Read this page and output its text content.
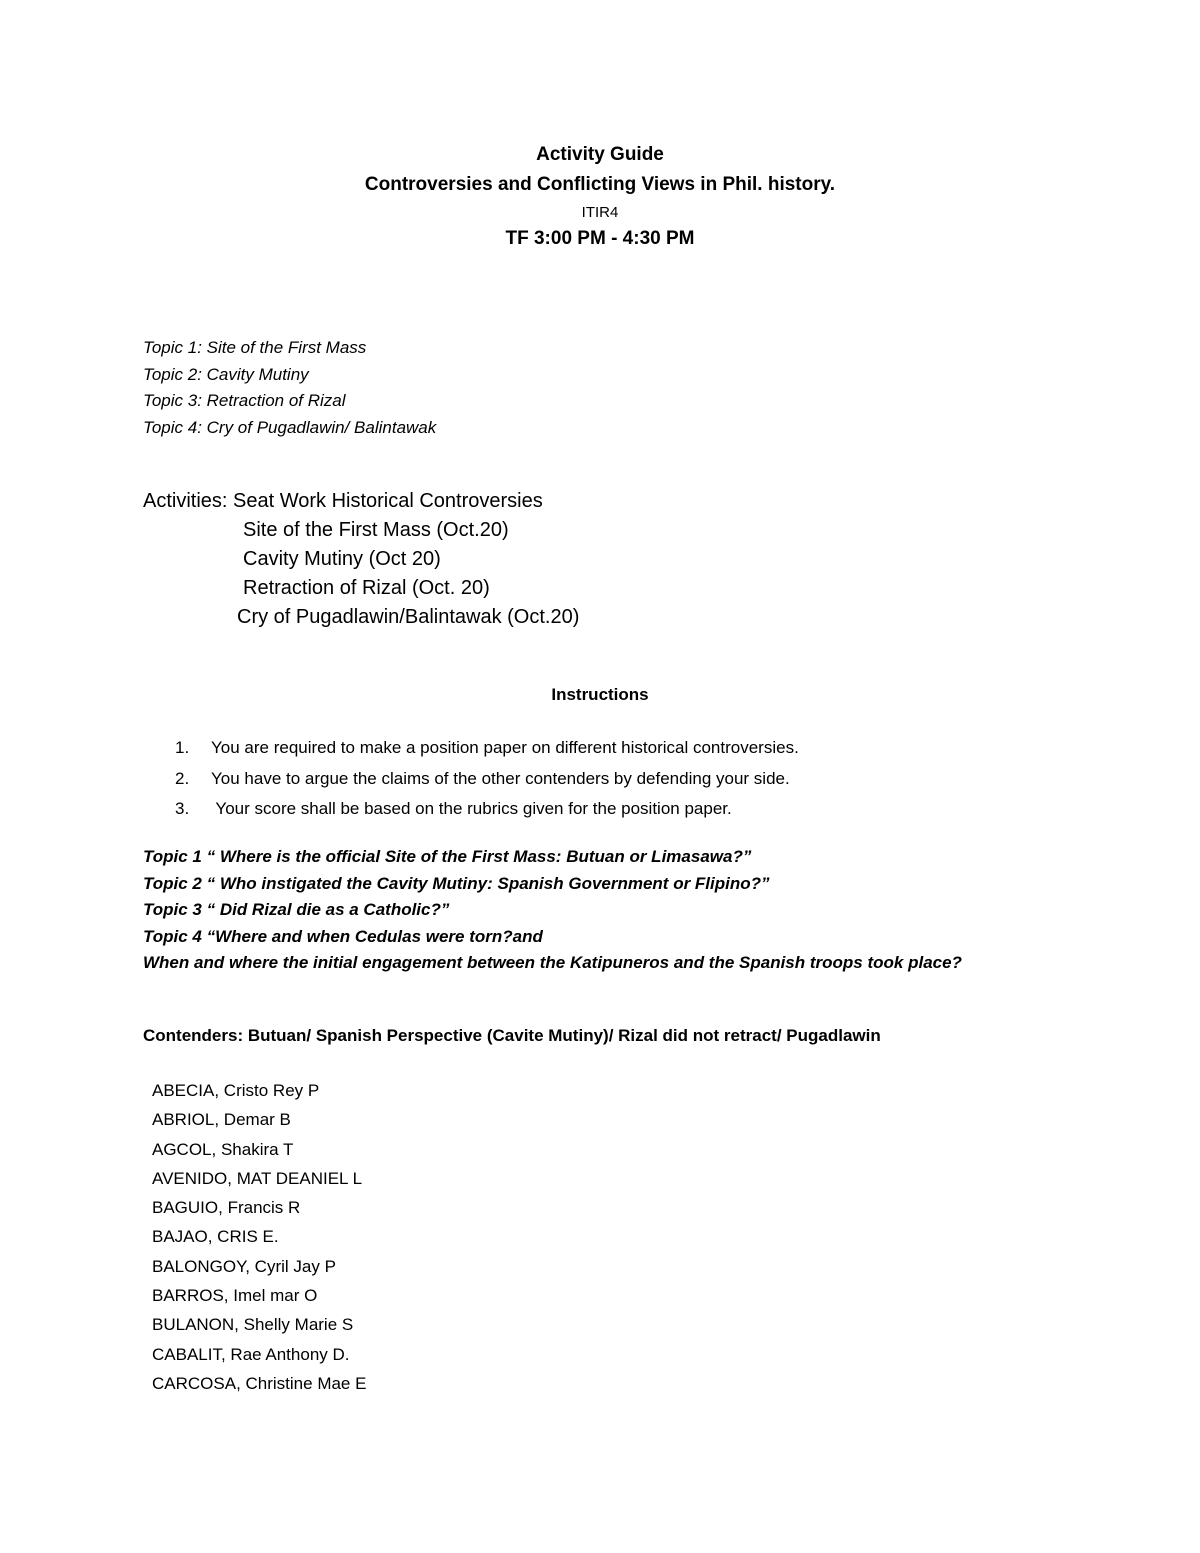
Activity Guide
Controversies and Conflicting Views in Phil. history.
ITIR4
TF 3:00 PM - 4:30 PM
Topic 1: Site of the First Mass
Topic 2: Cavity Mutiny
Topic 3: Retraction of Rizal
Topic 4: Cry of Pugadlawin/ Balintawak
Activities: Seat Work Historical Controversies
Site of the First Mass (Oct.20)
Cavity Mutiny (Oct 20)
Retraction of Rizal (Oct. 20)
Cry of Pugadlawin/Balintawak (Oct.20)
Instructions
1. You are required to make a position paper on different historical controversies.
2. You have to argue the claims of the other contenders by defending your side.
3. Your score shall be based on the rubrics given for the position paper.
Topic 1 “ Where is the official Site of the First Mass: Butuan or Limasawa?”
Topic 2 “ Who instigated the Cavity Mutiny: Spanish Government or Flipino?”
Topic 3 “ Did Rizal die as a Catholic?”
Topic 4 “Where and when Cedulas were torn?and
When and where the initial engagement between the Katipuneros and the Spanish troops took place?
Contenders: Butuan/ Spanish Perspective (Cavite Mutiny)/ Rizal did not retract/ Pugadlawin
ABECIA, Cristo Rey P
ABRIOL, Demar B
AGCOL, Shakira T
AVENIDO, MAT DEANIEL L
BAGUIO, Francis R
BAJAO, CRIS E.
BALONGOY, Cyril Jay P
BARROS, Imel mar O
BULANON, Shelly Marie S
CABALIT, Rae Anthony D.
CARCOSA, Christine Mae E
